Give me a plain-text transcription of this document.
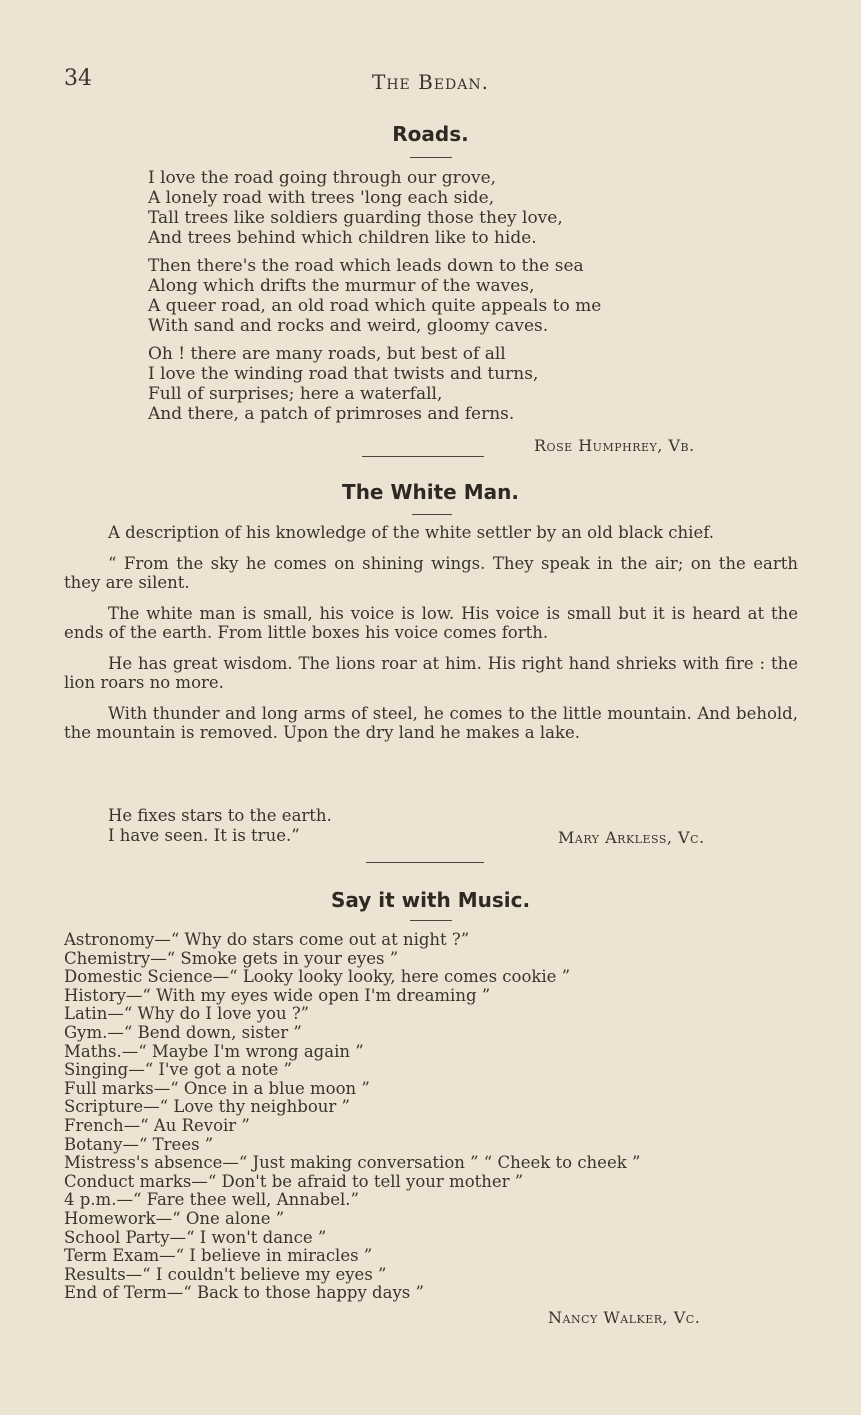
34	The Bedan.
Roads.
I love the road going through our grove,
A lonely road with trees 'long each side,
Tall trees like soldiers guarding those they love,
And trees behind which children like to hide.
Then there's the road which leads down to the sea
Along which drifts the murmur of the waves,
A queer road, an old road which quite appeals to me
With sand and rocks and weird, gloomy caves.
Oh ! there are many roads, but best of all
I love the winding road that twists and turns,
Full of surprises; here a waterfall,
And there, a patch of primroses and ferns.
Rose Humphrey, Vb.
The White Man.

A description of his knowledge of the white settler by an old black chief.

“ From the sky he comes on shining wings. They speak in the air; on the earth they are silent.

The white man is small, his voice is low. His voice is small but it is heard at the ends of the earth. From little boxes his voice comes forth.

He has great wisdom. The lions roar at him. His right hand shrieks with fire : the lion roars no more.

With thunder and long arms of steel, he comes to the little mountain. And behold, the mountain is removed. Upon the dry land he makes a lake.

He fixes stars to the earth.
I have seen. It is true.”	Mary Arkless, Vc.
Say it with Music.
Astronomy—“ Why do stars come out at night ?”
Chemistry—“ Smoke gets in your eyes ”
Domestic Science—“ Looky looky looky, here comes cookie ”
History—“ With my eyes wide open I'm dreaming ”
Latin—“ Why do I love you ?”
Gym.—“ Bend down, sister ”
Maths.—“ Maybe I'm wrong again ”
Singing—“ I've got a note ”
Full marks—“ Once in a blue moon ”
Scripture—“ Love thy neighbour ”
French—“ Au Revoir ”
Botany—“ Trees ”
Mistress's absence—“ Just making conversation ” “ Cheek to cheek ”
Conduct marks—“ Don't be afraid to tell your mother ”
4 p.m.—“ Fare thee well, Annabel.”
Homework—“ One alone ”
School Party—“ I won't dance ”
Term Exam—“ I believe in miracles ”
Results—“ I couldn't believe my eyes ”
End of Term—“ Back to those happy days ”
Nancy Walker, Vc.
